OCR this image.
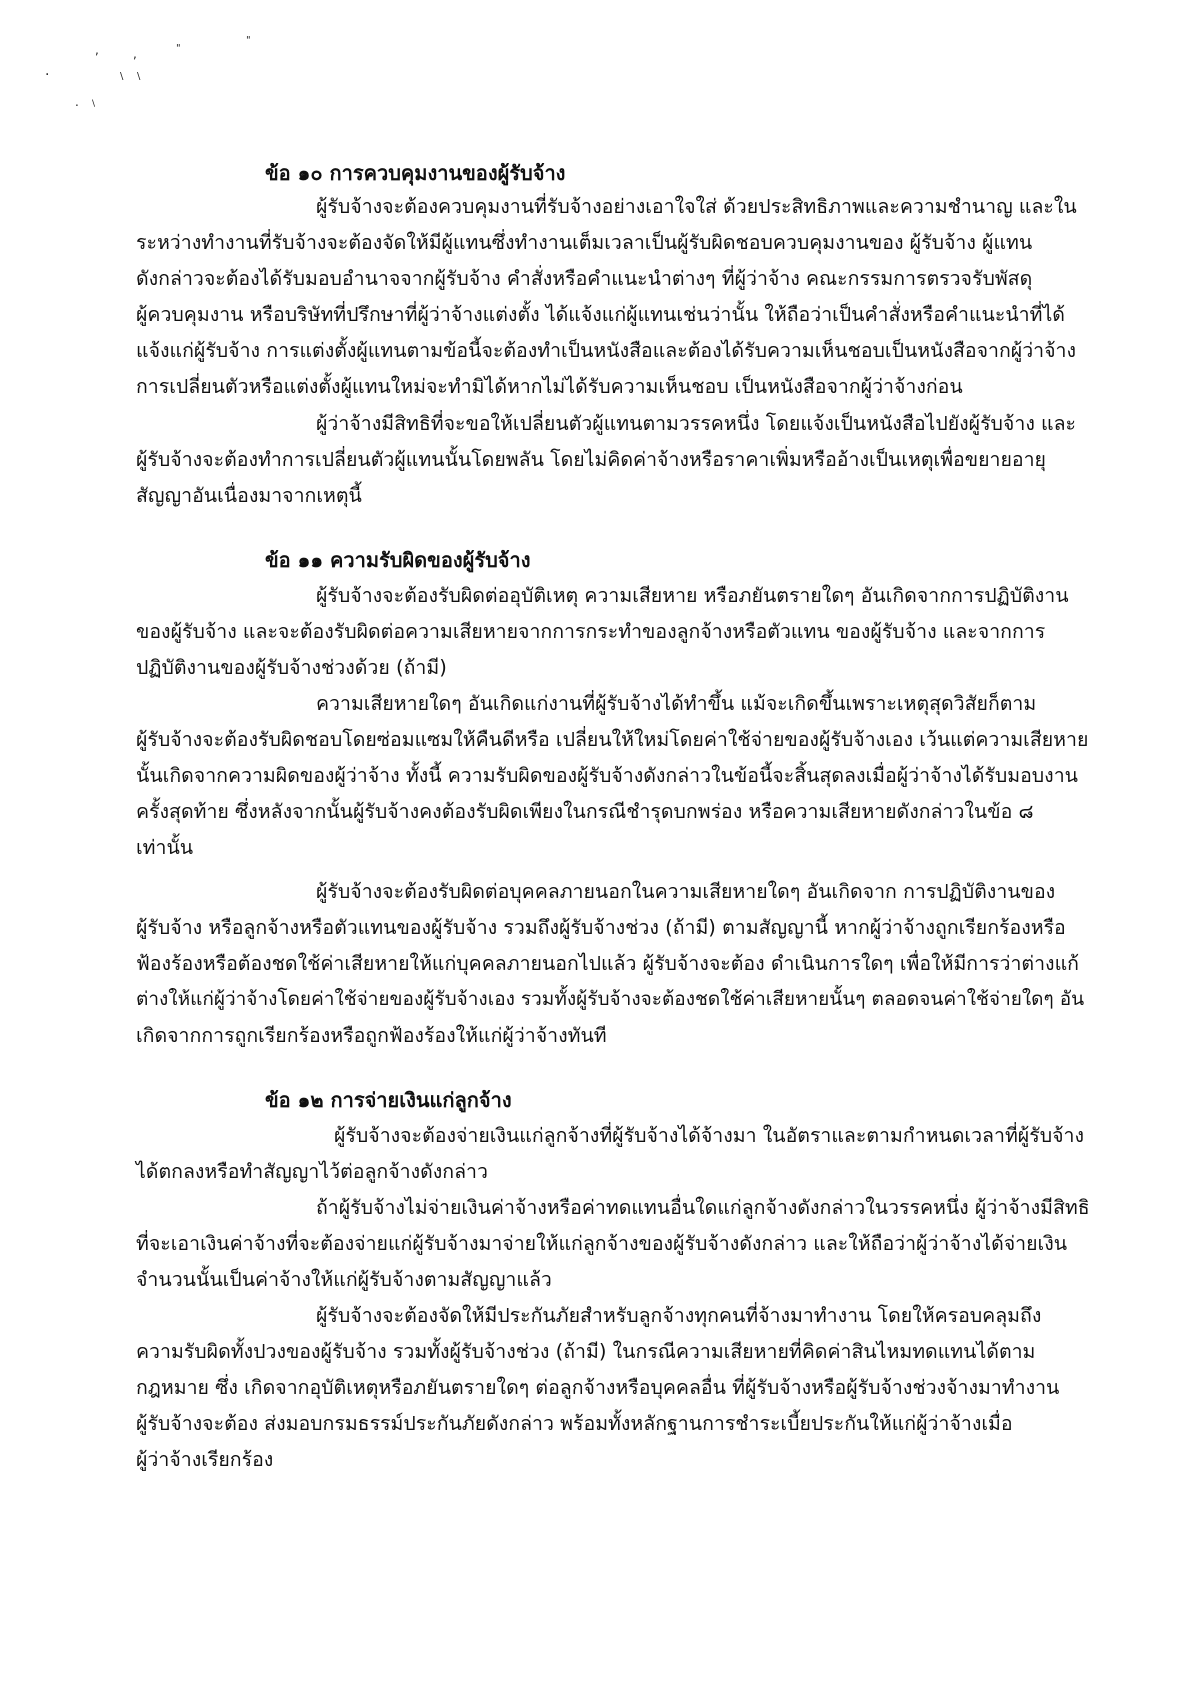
,	,	"
"
.	\ \
. \
ข้อ ๑๐ การควบคุมงานของผู้รับจ้าง
ผู้รับจ้างจะต้องควบคุมงานที่รับจ้างอย่างเอาใจใส่ ด้วยประสิทธิภาพและความชำนาญ และใน
ระหว่างทำงานที่รับจ้างจะต้องจัดให้มีผู้แทนซึ่งทำงานเต็มเวลาเป็นผู้รับผิดชอบควบคุมงานของ ผู้รับจ้าง ผู้แทน
ดังกล่าวจะต้องได้รับมอบอำนาจจากผู้รับจ้าง คำสั่งหรือคำแนะนำต่างๆ ที่ผู้ว่าจ้าง คณะกรรมการตรวจรับพัสดุ
ผู้ควบคุมงาน หรือบริษัทที่ปรึกษาที่ผู้ว่าจ้างแต่งตั้ง ได้แจ้งแก่ผู้แทนเช่นว่านั้น ให้ถือว่าเป็นคำสั่งหรือคำแนะนำที่ได้
แจ้งแก่ผู้รับจ้าง การแต่งตั้งผู้แทนตามข้อนี้จะต้องทำเป็นหนังสือและต้องได้รับความเห็นชอบเป็นหนังสือจากผู้ว่าจ้าง
การเปลี่ยนตัวหรือแต่งตั้งผู้แทนใหม่จะทำมิได้หากไม่ได้รับความเห็นชอบ เป็นหนังสือจากผู้ว่าจ้างก่อน
ผู้ว่าจ้างมีสิทธิที่จะขอให้เปลี่ยนตัวผู้แทนตามวรรคหนึ่ง โดยแจ้งเป็นหนังสือไปยังผู้รับจ้าง และ
ผู้รับจ้างจะต้องทำการเปลี่ยนตัวผู้แทนนั้นโดยพลัน โดยไม่คิดค่าจ้างหรือราคาเพิ่มหรืออ้างเป็นเหตุเพื่อขยายอายุ
สัญญาอันเนื่องมาจากเหตุนี้
ข้อ ๑๑ ความรับผิดของผู้รับจ้าง
ผู้รับจ้างจะต้องรับผิดต่ออุบัติเหตุ ความเสียหาย หรือภยันตรายใดๆ อันเกิดจากการปฏิบัติงาน
ของผู้รับจ้าง และจะต้องรับผิดต่อความเสียหายจากการกระทำของลูกจ้างหรือตัวแทน ของผู้รับจ้าง และจากการ
ปฏิบัติงานของผู้รับจ้างช่วงด้วย (ถ้ามี)
ความเสียหายใดๆ อันเกิดแก่งานที่ผู้รับจ้างได้ทำขึ้น แม้จะเกิดขึ้นเพราะเหตุสุดวิสัยก็ตาม
ผู้รับจ้างจะต้องรับผิดชอบโดยซ่อมแซมให้คืนดีหรือ เปลี่ยนให้ใหม่โดยค่าใช้จ่ายของผู้รับจ้างเอง เว้นแต่ความเสียหาย
นั้นเกิดจากความผิดของผู้ว่าจ้าง ทั้งนี้ ความรับผิดของผู้รับจ้างดังกล่าวในข้อนี้จะสิ้นสุดลงเมื่อผู้ว่าจ้างได้รับมอบงาน
ครั้งสุดท้าย ซึ่งหลังจากนั้นผู้รับจ้างคงต้องรับผิดเพียงในกรณีชำรุดบกพร่อง หรือความเสียหายดังกล่าวในข้อ ๘
เท่านั้น
ผู้รับจ้างจะต้องรับผิดต่อบุคคลภายนอกในความเสียหายใดๆ อันเกิดจาก การปฏิบัติงานของ
ผู้รับจ้าง หรือลูกจ้างหรือตัวแทนของผู้รับจ้าง รวมถึงผู้รับจ้างช่วง (ถ้ามี) ตามสัญญานี้ หากผู้ว่าจ้างถูกเรียกร้องหรือ
ฟ้องร้องหรือต้องชดใช้ค่าเสียหายให้แก่บุคคลภายนอกไปแล้ว ผู้รับจ้างจะต้อง ดำเนินการใดๆ เพื่อให้มีการว่าต่างแก้
ต่างให้แก่ผู้ว่าจ้างโดยค่าใช้จ่ายของผู้รับจ้างเอง รวมทั้งผู้รับจ้างจะต้องชดใช้ค่าเสียหายนั้นๆ ตลอดจนค่าใช้จ่ายใดๆ อัน
เกิดจากการถูกเรียกร้องหรือถูกฟ้องร้องให้แก่ผู้ว่าจ้างทันที
ข้อ ๑๒ การจ่ายเงินแก่ลูกจ้าง
ผู้รับจ้างจะต้องจ่ายเงินแก่ลูกจ้างที่ผู้รับจ้างได้จ้างมา ในอัตราและตามกำหนดเวลาที่ผู้รับจ้าง
ได้ตกลงหรือทำสัญญาไว้ต่อลูกจ้างดังกล่าว
ถ้าผู้รับจ้างไม่จ่ายเงินค่าจ้างหรือค่าทดแทนอื่นใดแก่ลูกจ้างดังกล่าวในวรรคหนึ่ง ผู้ว่าจ้างมีสิทธิ
ที่จะเอาเงินค่าจ้างที่จะต้องจ่ายแก่ผู้รับจ้างมาจ่ายให้แก่ลูกจ้างของผู้รับจ้างดังกล่าว และให้ถือว่าผู้ว่าจ้างได้จ่ายเงิน
จำนวนนั้นเป็นค่าจ้างให้แก่ผู้รับจ้างตามสัญญาแล้ว
ผู้รับจ้างจะต้องจัดให้มีประกันภัยสำหรับลูกจ้างทุกคนที่จ้างมาทำงาน โดยให้ครอบคลุมถึง
ความรับผิดทั้งปวงของผู้รับจ้าง รวมทั้งผู้รับจ้างช่วง (ถ้ามี) ในกรณีความเสียหายที่คิดค่าสินไหมทดแทนได้ตาม
กฎหมาย ซึ่ง เกิดจากอุบัติเหตุหรือภยันตรายใดๆ ต่อลูกจ้างหรือบุคคลอื่น ที่ผู้รับจ้างหรือผู้รับจ้างช่วงจ้างมาทำงาน
ผู้รับจ้างจะต้อง ส่งมอบกรมธรรม์ประกันภัยดังกล่าว พร้อมทั้งหลักฐานการชำระเบี้ยประกันให้แก่ผู้ว่าจ้างเมื่อ
ผู้ว่าจ้างเรียกร้อง
